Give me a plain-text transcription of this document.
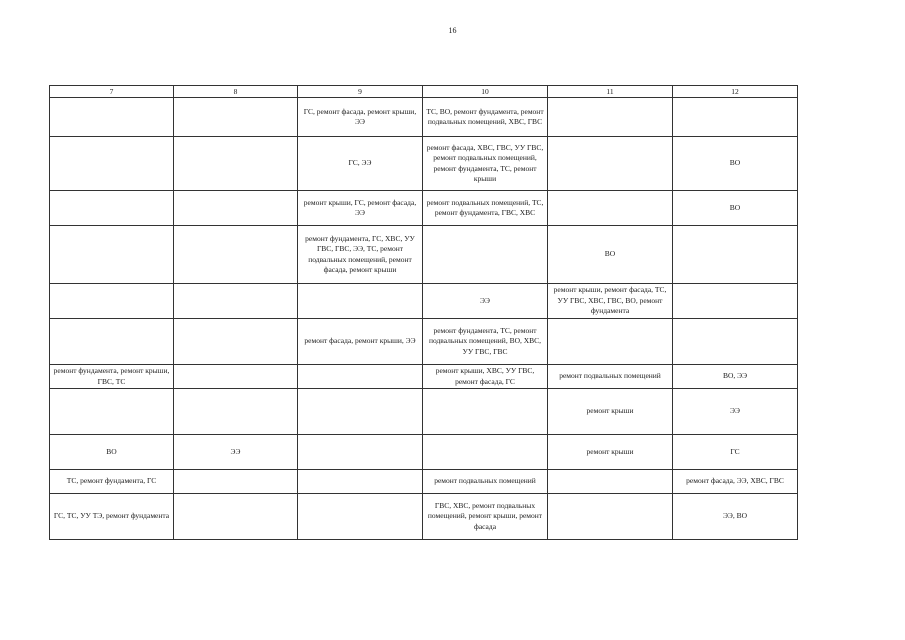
16
7	8	9	10	11	12
		ГС, ремонт фасада, ремонт крыши, ЭЭ	ТС, ВО, ремонт фундамента, ремонт подвальных помещений, ХВС, ГВС		
		ГС, ЭЭ	ремонт фасада, ХВС, ГВС, УУ ГВС, ремонт подвальных помещений, ремонт фундамента, ТС, ремонт крыши		ВО
		ремонт крыши, ГС, ремонт фасада, ЭЭ	ремонт подвальных помещений, ТС, ремонт фундамента, ГВС, ХВС		ВО
		ремонт фундамента, ГС, ХВС, УУ ГВС, ГВС, ЭЭ, ТС, ремонт подвальных помещений, ремонт фасада, ремонт крыши		ВО	
			ЭЭ	ремонт крыши, ремонт фасада, ТС, УУ ГВС, ХВС, ГВС, ВО, ремонт фундамента	
		ремонт фасада, ремонт крыши, ЭЭ	ремонт фундамента, ТС, ремонт подвальных помещений, ВО, ХВС, УУ ГВС, ГВС		
ремонт фундамента, ремонт крыши, ГВС, ТС			ремонт крыши, ХВС, УУ ГВС, ремонт фасада, ГС	ремонт подвальных помещений	ВО, ЭЭ
				ремонт крыши	ЭЭ
ВО	ЭЭ			ремонт крыши	ГС
ТС, ремонт фундамента, ГС			ремонт подвальных помещений		ремонт фасада, ЭЭ, ХВС, ГВС
ГС, ТС, УУ ТЭ, ремонт фундамента			ГВС, ХВС, ремонт подвальных помещений, ремонт крыши, ремонт фасада		ЭЭ, ВО
